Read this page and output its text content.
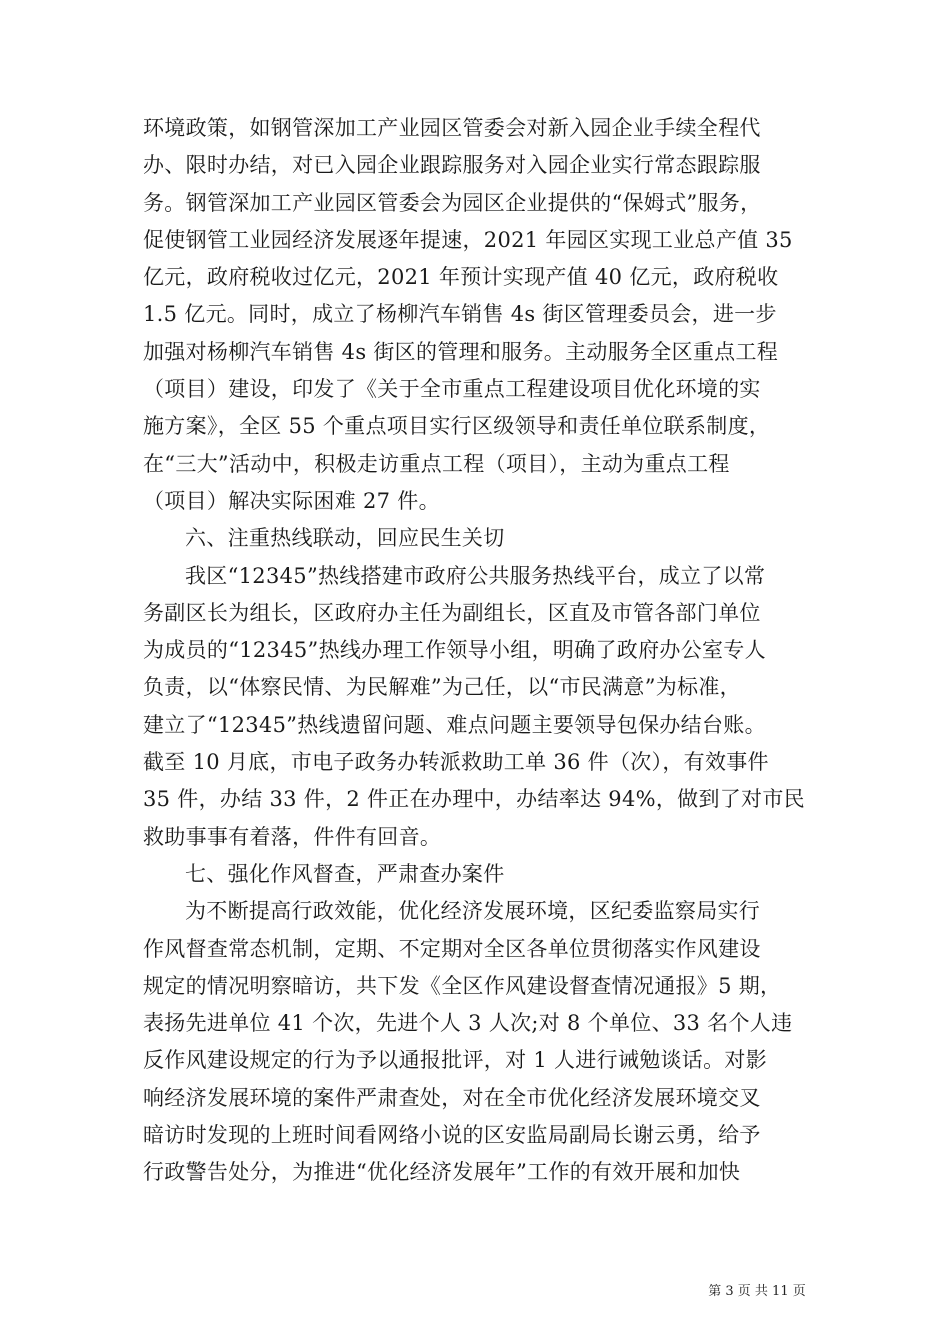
环境政策，如钢管深加工产业园区管委会对新入园企业手续全程代
办、限时办结，对已入园企业跟踪服务对入园企业实行常态跟踪服
务。钢管深加工产业园区管委会为园区企业提供的“保姆式”服务，
促使钢管工业园经济发展逐年提速，2021 年园区实现工业总产值 35
亿元，政府税收过亿元，2021 年预计实现产值 40 亿元，政府税收
1.5 亿元。同时，成立了杨柳汽车销售 4s 街区管理委员会，进一步
加强对杨柳汽车销售 4s 街区的管理和服务。主动服务全区重点工程
（项目）建设，印发了《关于全市重点工程建设项目优化环境的实
施方案》，全区 55 个重点项目实行区级领导和责任单位联系制度，
在“三大”活动中，积极走访重点工程（项目），主动为重点工程
（项目）解决实际困难 27 件。
六、注重热线联动，回应民生关切
我区“12345”热线搭建市政府公共服务热线平台，成立了以常
务副区长为组长，区政府办主任为副组长，区直及市管各部门单位
为成员的“12345”热线办理工作领导小组，明确了政府办公室专人
负责，以“体察民情、为民解难”为己任，以“市民满意”为标准，
建立了“12345”热线遗留问题、难点问题主要领导包保办结台账。
截至 10 月底，市电子政务办转派救助工单 36 件（次），有效事件
35 件，办结 33 件，2 件正在办理中，办结率达 94%，做到了对市民
救助事事有着落，件件有回音。
七、强化作风督查，严肃查办案件
为不断提高行政效能，优化经济发展环境，区纪委监察局实行
作风督查常态机制，定期、不定期对全区各单位贯彻落实作风建设
规定的情况明察暗访，共下发《全区作风建设督查情况通报》5 期，
表扬先进单位 41 个次，先进个人 3 人次;对 8 个单位、33 名个人违
反作风建设规定的行为予以通报批评，对 1 人进行诫勉谈话。对影
响经济发展环境的案件严肃查处，对在全市优化经济发展环境交叉
暗访时发现的上班时间看网络小说的区安监局副局长谢云勇，给予
行政警告处分，为推进“优化经济发展年”工作的有效开展和加快
第 3 页 共 11 页
